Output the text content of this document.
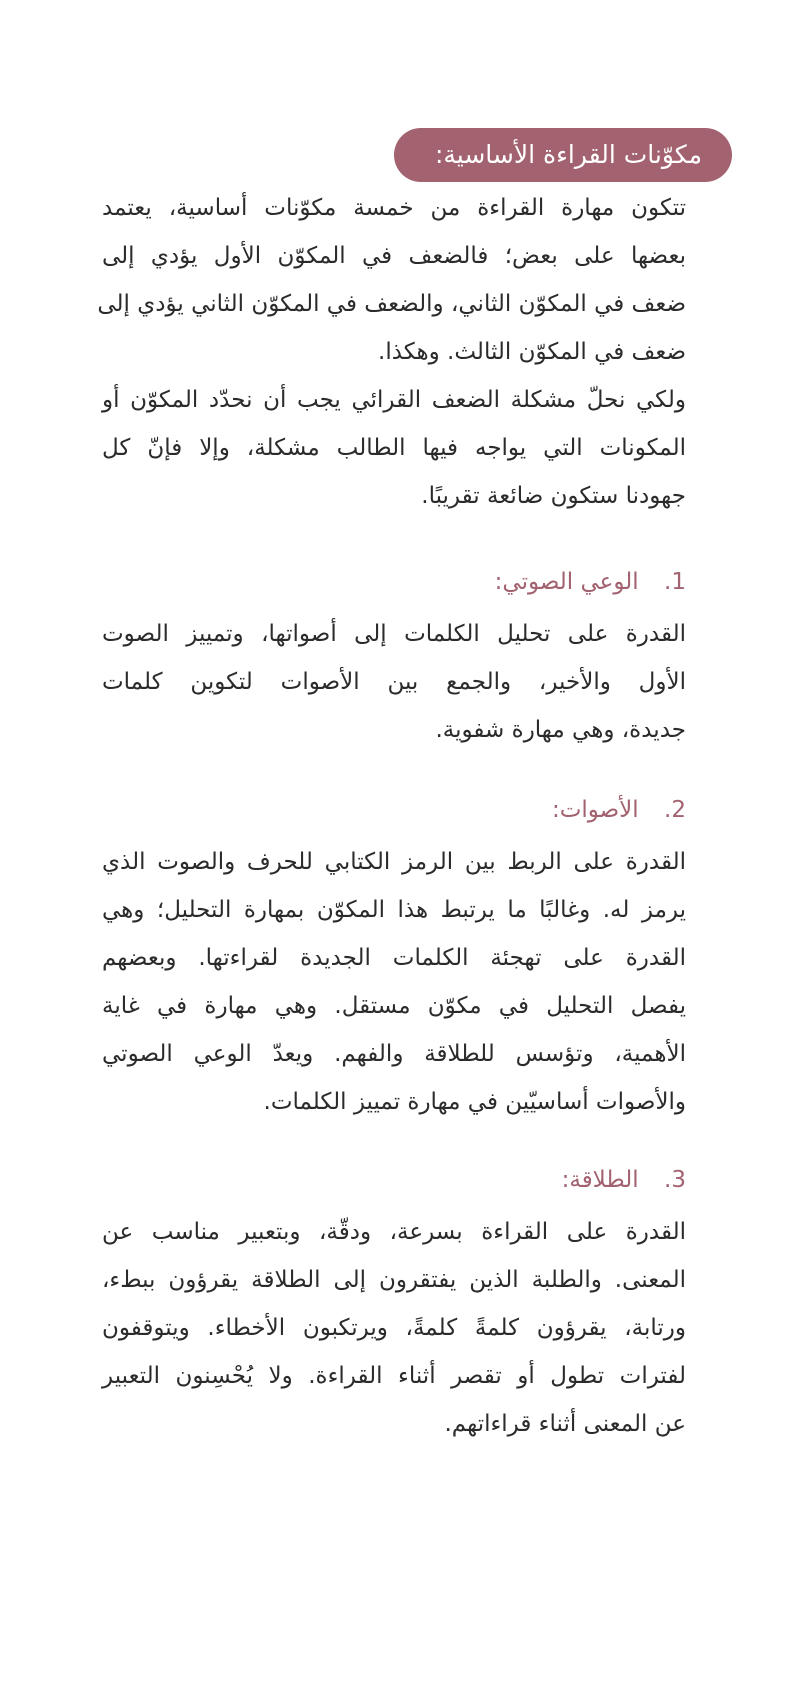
مكوّنات القراءة الأساسية:
تتكون مهارة القراءة من خمسة مكوّنات أساسية، يعتمد
بعضها على بعض؛ فالضعف في المكوّن الأول يؤدي إلى
ضعف في المكوّن الثاني، والضعف في المكوّن الثاني يؤدي إلى
ضعف في المكوّن الثالث. وهكذا.
ولكي نحلّ مشكلة الضعف القرائي يجب أن نحدّد المكوّن أو
المكونات التي يواجه فيها الطالب مشكلة، وإلا فإنّ كل
جهودنا ستكون ضائعة تقريبًا.
1. الوعي الصوتي:
القدرة على تحليل الكلمات إلى أصواتها، وتمييز الصوت
الأول والأخير، والجمع بين الأصوات لتكوين كلمات
جديدة، وهي مهارة شفوية.
2. الأصوات:
القدرة على الربط بين الرمز الكتابي للحرف والصوت الذي
يرمز له. وغالبًا ما يرتبط هذا المكوّن بمهارة التحليل؛ وهي
القدرة على تهجئة الكلمات الجديدة لقراءتها. وبعضهم
يفصل التحليل في مكوّن مستقل. وهي مهارة في غاية
الأهمية، وتؤسس للطلاقة والفهم. ويعدّ الوعي الصوتي
والأصوات أساسيّين في مهارة تمييز الكلمات.
3. الطلاقة:
القدرة على القراءة بسرعة، ودقّة، وبتعبير مناسب عن
المعنى. والطلبة الذين يفتقرون إلى الطلاقة يقرؤون ببطء،
ورتابة، يقرؤون كلمةً كلمةً، ويرتكبون الأخطاء. ويتوقفون
لفترات تطول أو تقصر أثناء القراءة. ولا يُحْسِنون التعبير
عن المعنى أثناء قراءاتهم.
